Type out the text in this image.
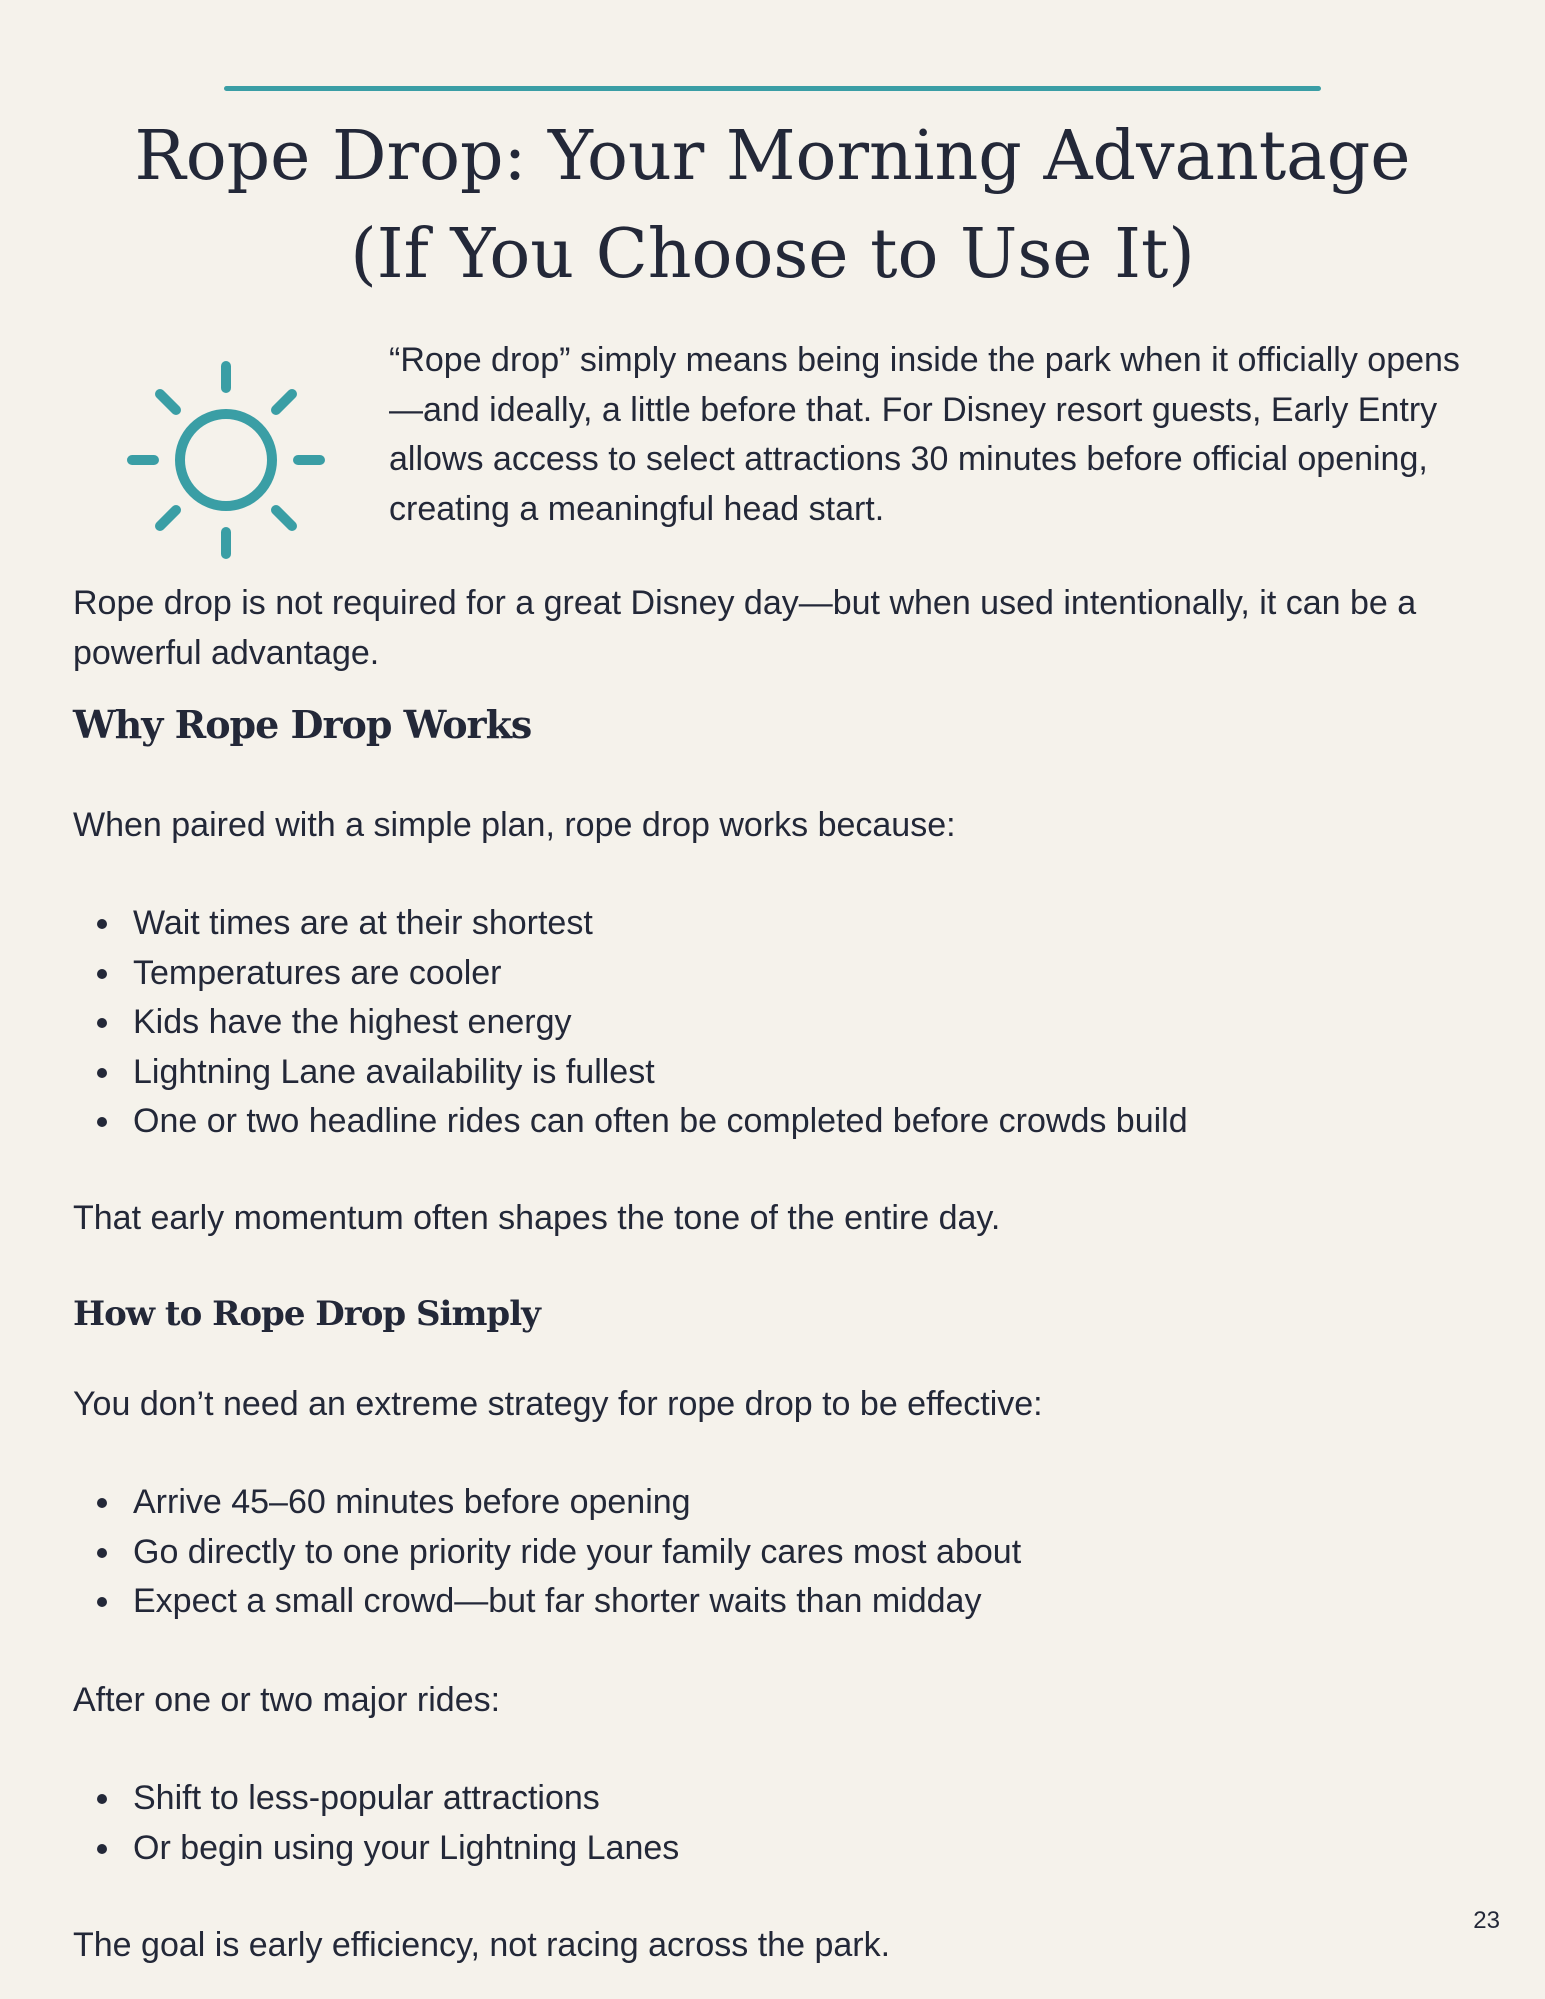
Rope Drop: Your Morning Advantage
(If You Choose to Use It)

“Rope drop” simply means being inside the park when it officially opens—and ideally, a little before that. For Disney resort guests, Early Entry allows access to select attractions 30 minutes before official opening, creating a meaningful head start.

Rope drop is not required for a great Disney day—but when used intentionally, it can be a powerful advantage.

Why Rope Drop Works

When paired with a simple plan, rope drop works because:

Wait times are at their shortest
Temperatures are cooler
Kids have the highest energy
Lightning Lane availability is fullest
One or two headline rides can often be completed before crowds build

That early momentum often shapes the tone of the entire day.

How to Rope Drop Simply

You don’t need an extreme strategy for rope drop to be effective:

Arrive 45–60 minutes before opening
Go directly to one priority ride your family cares most about
Expect a small crowd—but far shorter waits than midday

After one or two major rides:

Shift to less-popular attractions
Or begin using your Lightning Lanes
23

The goal is early efficiency, not racing across the park.
